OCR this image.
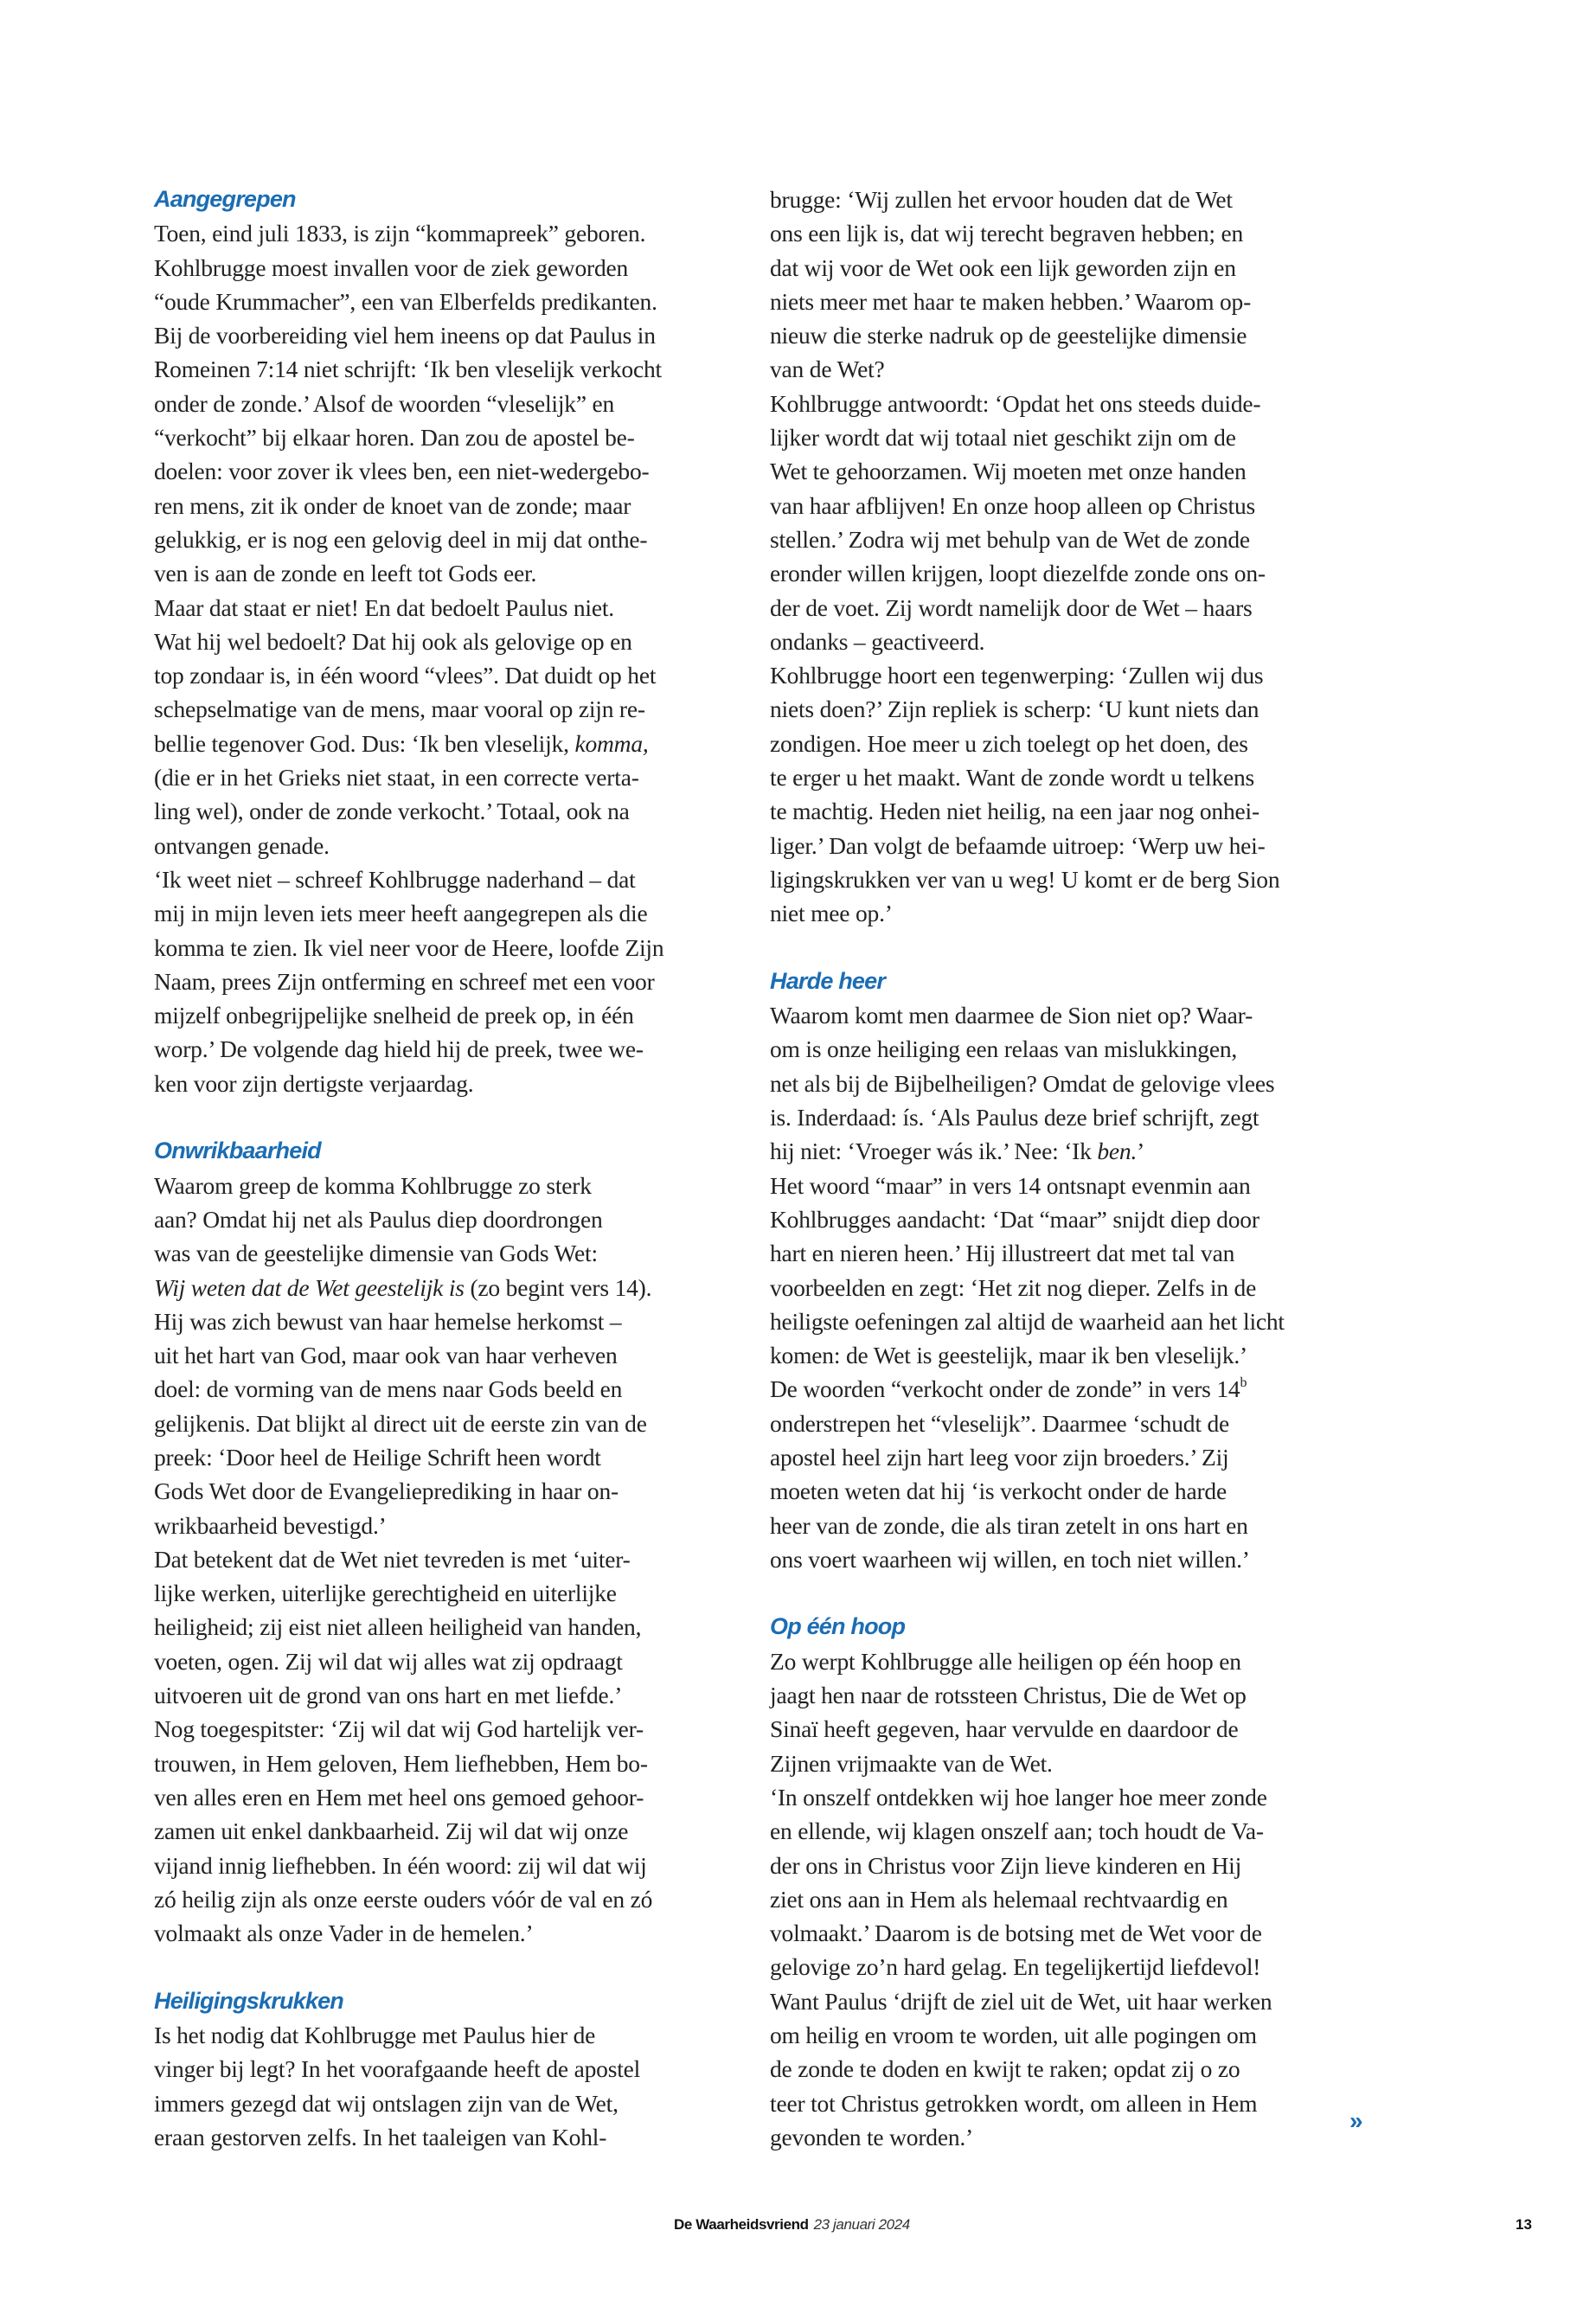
Aangegrepen
Toen, eind juli 1833, is zijn “kommapreek” geboren.
Kohlbrugge moest invallen voor de ziek geworden
“oude Krummacher”, een van Elberfelds predikanten.
Bij de voorbereiding viel hem ineens op dat Paulus in
Romeinen 7:14 niet schrijft: ‘Ik ben vleselijk verkocht
onder de zonde.’ Alsof de woorden “vleselijk” en
“verkocht” bij elkaar horen. Dan zou de apostel be-
doelen: voor zover ik vlees ben, een niet-wedergebo-
ren mens, zit ik onder de knoet van de zonde; maar
gelukkig, er is nog een gelovig deel in mij dat onthe-
ven is aan de zonde en leeft tot Gods eer.
Maar dat staat er niet! En dat bedoelt Paulus niet.
Wat hij wel bedoelt? Dat hij ook als gelovige op en
top zondaar is, in één woord “vlees”. Dat duidt op het
schepselmatige van de mens, maar vooral op zijn re-
bellie tegenover God. Dus: ‘Ik ben vleselijk, komma,
(die er in het Grieks niet staat, in een correcte verta-
ling wel), onder de zonde verkocht.’ Totaal, ook na
ontvangen genade.
‘Ik weet niet – schreef Kohlbrugge naderhand – dat
mij in mijn leven iets meer heeft aangegrepen als die
komma te zien. Ik viel neer voor de Heere, loofde Zijn
Naam, prees Zijn ontferming en schreef met een voor
mijzelf onbegrijpelijke snelheid de preek op, in één
worp.’ De volgende dag hield hij de preek, twee we-
ken voor zijn dertigste verjaardag.
Onwrikbaarheid
Waarom greep de komma Kohlbrugge zo sterk
aan? Omdat hij net als Paulus diep doordrongen
was van de geestelijke dimensie van Gods Wet:
Wij weten dat de Wet geestelijk is (zo begint vers 14).
Hij was zich bewust van haar hemelse herkomst –
uit het hart van God, maar ook van haar verheven
doel: de vorming van de mens naar Gods beeld en
gelijkenis. Dat blijkt al direct uit de eerste zin van de
preek: ‘Door heel de Heilige Schrift heen wordt
Gods Wet door de Evangelieprediking in haar on-
wrikbaarheid bevestigd.’
Dat betekent dat de Wet niet tevreden is met ‘uiter-
lijke werken, uiterlijke gerechtigheid en uiterlijke
heiligheid; zij eist niet alleen heiligheid van handen,
voeten, ogen. Zij wil dat wij alles wat zij opdraagt
uitvoeren uit de grond van ons hart en met liefde.’
Nog toegespitster: ‘Zij wil dat wij God hartelijk ver-
trouwen, in Hem geloven, Hem liefhebben, Hem bo-
ven alles eren en Hem met heel ons gemoed gehoor-
zamen uit enkel dankbaarheid. Zij wil dat wij onze
vijand innig liefhebben. In één woord: zij wil dat wij
zó heilig zijn als onze eerste ouders vóór de val en zó
volmaakt als onze Vader in de hemelen.’
Heiligingskrukken
Is het nodig dat Kohlbrugge met Paulus hier de
vinger bij legt? In het voorafgaande heeft de apostel
immers gezegd dat wij ontslagen zijn van de Wet,
eraan gestorven zelfs. In het taaleigen van Kohl-
brugge: ‘Wij zullen het ervoor houden dat de Wet
ons een lijk is, dat wij terecht begraven hebben; en
dat wij voor de Wet ook een lijk geworden zijn en
niets meer met haar te maken hebben.’ Waarom op-
nieuw die sterke nadruk op de geestelijke dimensie
van de Wet?
Kohlbrugge antwoordt: ‘Opdat het ons steeds duide-
lijker wordt dat wij totaal niet geschikt zijn om de
Wet te gehoorzamen. Wij moeten met onze handen
van haar afblijven! En onze hoop alleen op Christus
stellen.’ Zodra wij met behulp van de Wet de zonde
eronder willen krijgen, loopt diezelfde zonde ons on-
der de voet. Zij wordt namelijk door de Wet – haars
ondanks – geactiveerd.
Kohlbrugge hoort een tegenwerping: ‘Zullen wij dus
niets doen?’ Zijn repliek is scherp: ‘U kunt niets dan
zondigen. Hoe meer u zich toelegt op het doen, des
te erger u het maakt. Want de zonde wordt u telkens
te machtig. Heden niet heilig, na een jaar nog onhei-
liger.’ Dan volgt de befaamde uitroep: ‘Werp uw hei-
ligingskrukken ver van u weg! U komt er de berg Sion
niet mee op.’
Harde heer
Waarom komt men daarmee de Sion niet op? Waar-
om is onze heiliging een relaas van mislukkingen,
net als bij de Bijbelheiligen? Omdat de gelovige vlees
is. Inderdaad: ís. ‘Als Paulus deze brief schrijft, zegt
hij niet: ‘Vroeger wás ik.’ Nee: ‘Ik ben.’
Het woord “maar” in vers 14 ontsnapt evenmin aan
Kohlbrugges aandacht: ‘Dat “maar” snijdt diep door
hart en nieren heen.’ Hij illustreert dat met tal van
voorbeelden en zegt: ‘Het zit nog dieper. Zelfs in de
heiligste oefeningen zal altijd de waarheid aan het licht
komen: de Wet is geestelijk, maar ik ben vleselijk.’
De woorden “verkocht onder de zonde” in vers 14$^b$
onderstrepen het “vleselijk”. Daarmee ‘schudt de
apostel heel zijn hart leeg voor zijn broeders.’ Zij
moeten weten dat hij ‘is verkocht onder de harde
heer van de zonde, die als tiran zetelt in ons hart en
ons voert waarheen wij willen, en toch niet willen.’
Op één hoop
Zo werpt Kohlbrugge alle heiligen op één hoop en
jaagt hen naar de rotssteen Christus, Die de Wet op
Sinaï heeft gegeven, haar vervulde en daardoor de
Zijnen vrijmaakte van de Wet.
‘In onszelf ontdekken wij hoe langer hoe meer zonde
en ellende, wij klagen onszelf aan; toch houdt de Va-
der ons in Christus voor Zijn lieve kinderen en Hij
ziet ons aan in Hem als helemaal rechtvaardig en
volmaakt.’ Daarom is de botsing met de Wet voor de
gelovige zo’n hard gelag. En tegelijkertijd liefdevol!
Want Paulus ‘drijft de ziel uit de Wet, uit haar werken
om heilig en vroom te worden, uit alle pogingen om
de zonde te doden en kwijt te raken; opdat zij o zo
teer tot Christus getrokken wordt, om alleen in Hem
gevonden te worden.’
»
De Waarheidsvriend 23 januari 2024	13
